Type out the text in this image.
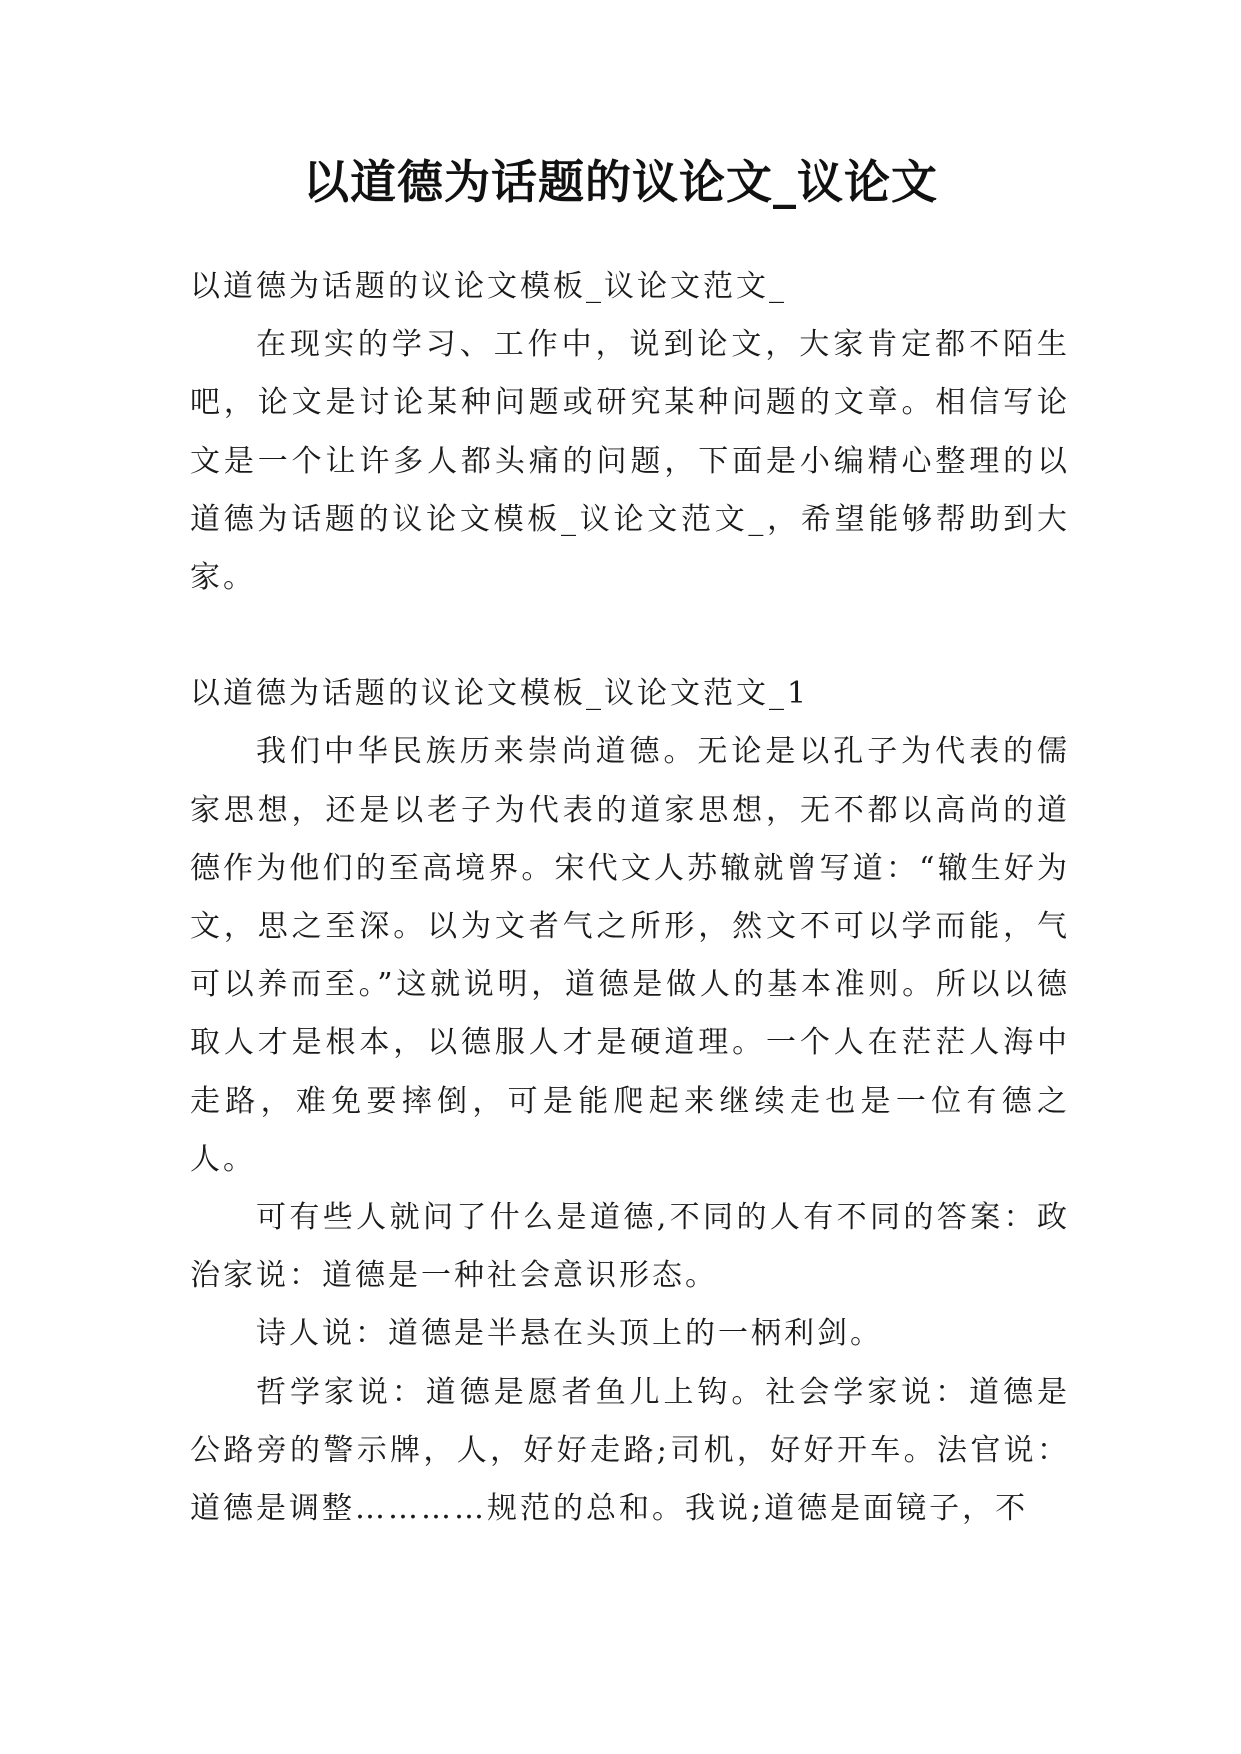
以道德为话题的议论文_议论文

以道德为话题的议论文模板_议论文范文_

在现实的学习、工作中，说到论文，大家肯定都不陌生吧，论文是讨论某种问题或研究某种问题的文章。相信写论文是一个让许多人都头痛的问题，下面是小编精心整理的以道德为话题的议论文模板_议论文范文_，希望能够帮助到大家。

以道德为话题的议论文模板_议论文范文_1

我们中华民族历来崇尚道德。无论是以孔子为代表的儒家思想，还是以老子为代表的道家思想，无不都以高尚的道德作为他们的至高境界。宋代文人苏辙就曾写道：“辙生好为文，思之至深。以为文者气之所形，然文不可以学而能，气可以养而至。”这就说明，道德是做人的基本准则。所以以德取人才是根本，以德服人才是硬道理。一个人在茫茫人海中走路，难免要摔倒，可是能爬起来继续走也是一位有德之人。

可有些人就问了什么是道德,不同的人有不同的答案：政治家说：道德是一种社会意识形态。

诗人说：道德是半悬在头顶上的一柄利剑。

哲学家说：道德是愿者鱼儿上钩。社会学家说：道德是公路旁的警示牌，人，好好走路;司机，好好开车。法官说：道德是调整…………规范的总和。我说;道德是面镜子，不
